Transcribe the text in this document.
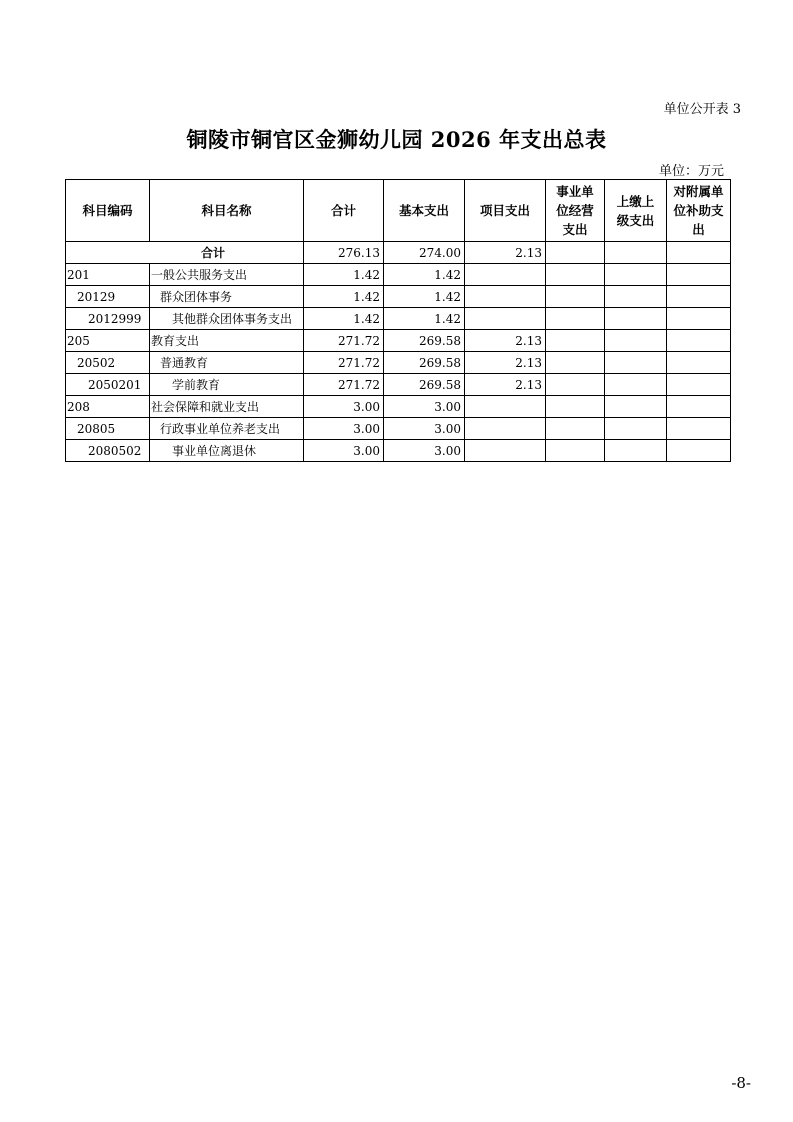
单位公开表 3
铜陵市铜官区金狮幼儿园 2026 年支出总表
单位：万元
科目编码	科目名称	合计	基本支出	项目支出	事业单位经营支出	上缴上级支出	对附属单位补助支出
合计		276.13	274.00	2.13			
201	一般公共服务支出	1.42	1.42				
20129	群众团体事务	1.42	1.42				
2012999	其他群众团体事务支出	1.42	1.42				
205	教育支出	271.72	269.58	2.13			
20502	普通教育	271.72	269.58	2.13			
2050201	学前教育	271.72	269.58	2.13			
208	社会保障和就业支出	3.00	3.00				
20805	行政事业单位养老支出	3.00	3.00				
2080502	事业单位离退休	3.00	3.00				
-8-
